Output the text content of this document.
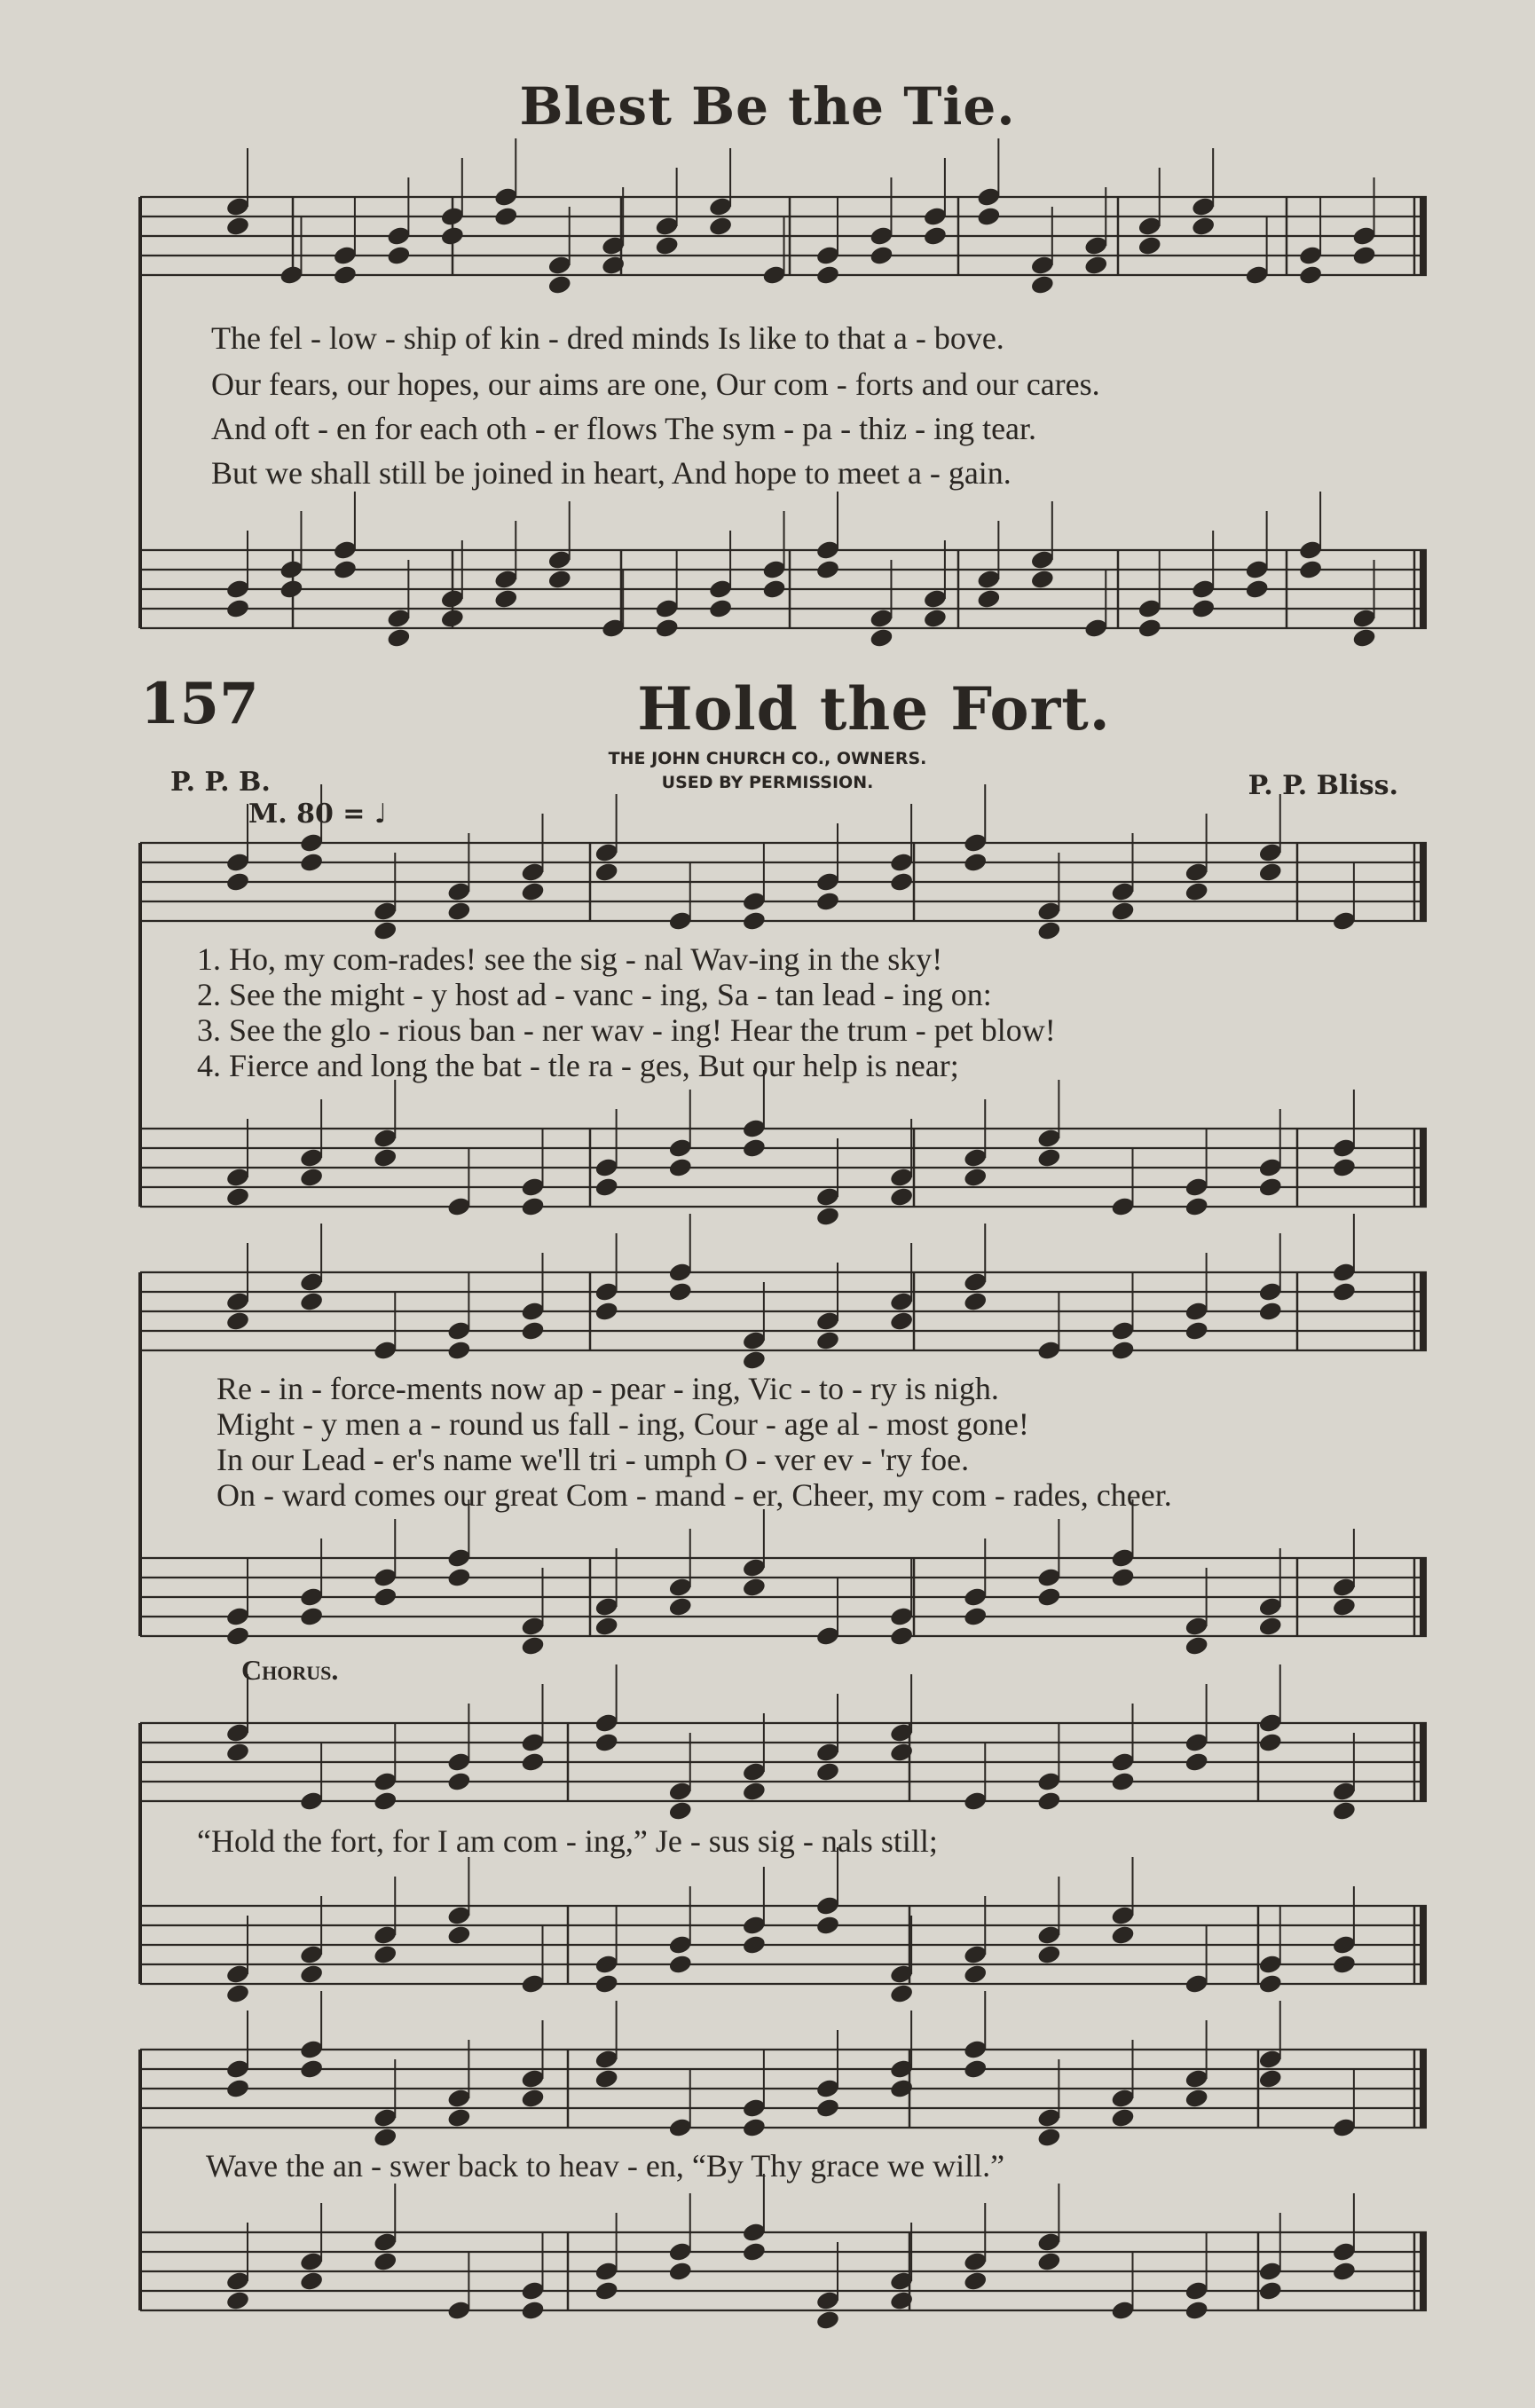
Blest Be the Tie.
157	Hold the Fort.
THE JOHN CHURCH CO., OWNERS.
USED BY PERMISSION.
P. P. B.	P. P. Bliss.
M. 80 = ♩
Chorus.
The fel - low - ship of kin - dred minds Is like to that a - bove.
Our fears, our hopes, our aims are one, Our com - forts and our cares.
And oft - en for each oth - er flows The sym - pa - thiz - ing tear.
But we shall still be joined in heart, And hope to meet a - gain.
1. Ho, my com-rades! see the sig - nal Wav-ing in the sky!
2. See the might - y host ad - vanc - ing, Sa - tan lead - ing on:
3. See the glo - rious ban - ner wav - ing! Hear the trum - pet blow!
4. Fierce and long the bat - tle ra - ges, But our help is near;
Re - in - force-ments now ap - pear - ing, Vic - to - ry is nigh.
Might - y men a - round us fall - ing, Cour - age al - most gone!
In our Lead - er's name we'll tri - umph O - ver ev - 'ry foe.
On - ward comes our great Com - mand - er, Cheer, my com - rades, cheer.
“Hold the fort, for I am com - ing,” Je - sus sig - nals still;
Wave the an - swer back to heav - en, “By Thy grace we will.”
